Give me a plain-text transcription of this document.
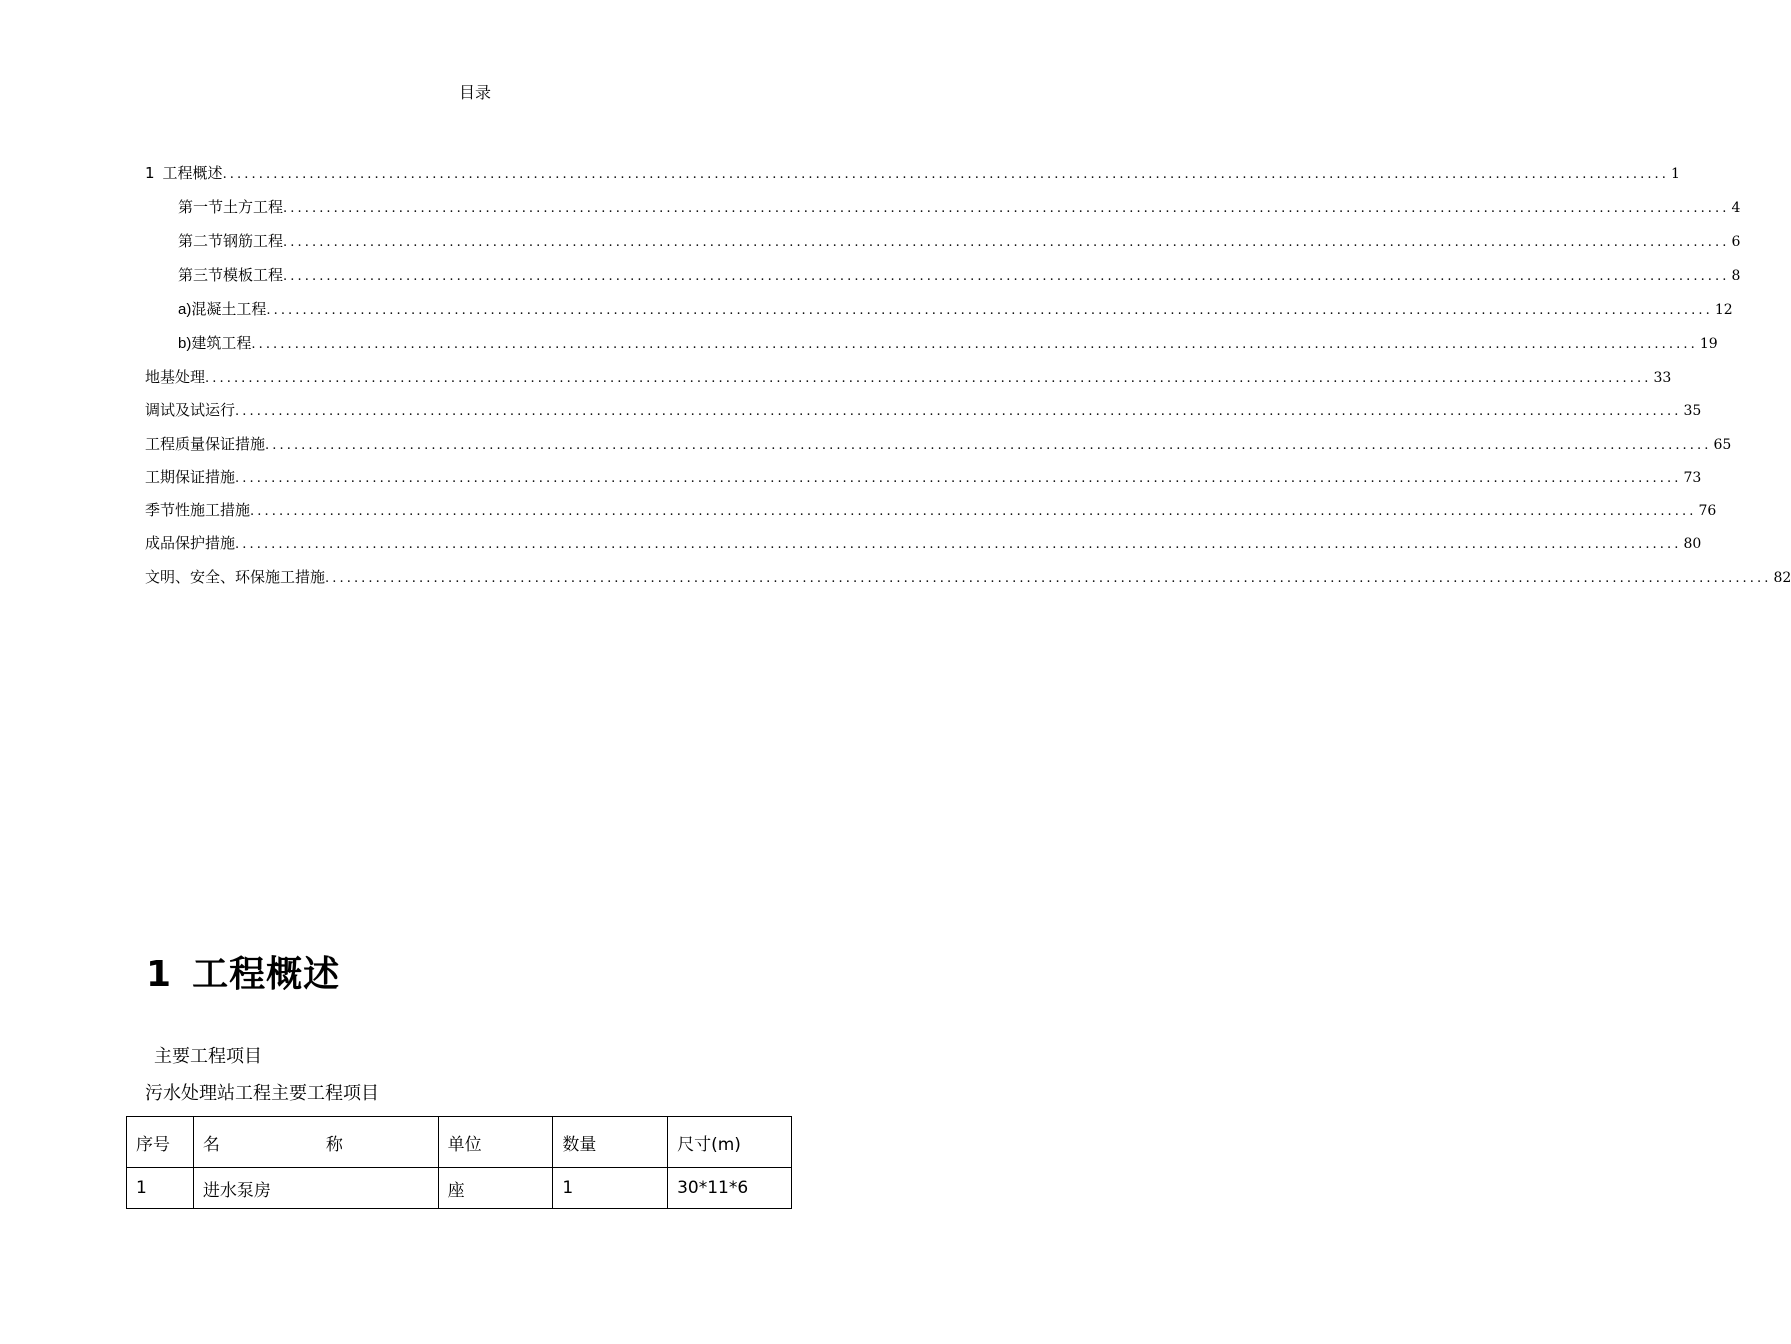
目录
1 工程概述 ........................................................................................................................................................................................................ 1
第一节 土方工程 ........................................................................................................................................................................................................ 4
第二节 钢筋工程 ........................................................................................................................................................................................................ 6
第三节 模板工程 ........................................................................................................................................................................................................ 8
a) 混凝土工程 ........................................................................................................................................................................................................ 12
b) 建筑工程 ........................................................................................................................................................................................................ 19
地基处理 ........................................................................................................................................................................................................ 33
调试及试运行 ........................................................................................................................................................................................................ 35
工程质量保证措施 ........................................................................................................................................................................................................ 65
工期保证措施 ........................................................................................................................................................................................................ 73
季节性施工措施 ........................................................................................................................................................................................................ 76
成品保护措施 ........................................................................................................................................................................................................ 80
文明、安全、环保施工措施 ........................................................................................................................................................................................................ 82
1 工程概述
主要工程项目
污水处理站工程主要工程项目
序号	名 称	单位	数量	尺寸(m)
1	进水泵房	座	1	30*11*6
